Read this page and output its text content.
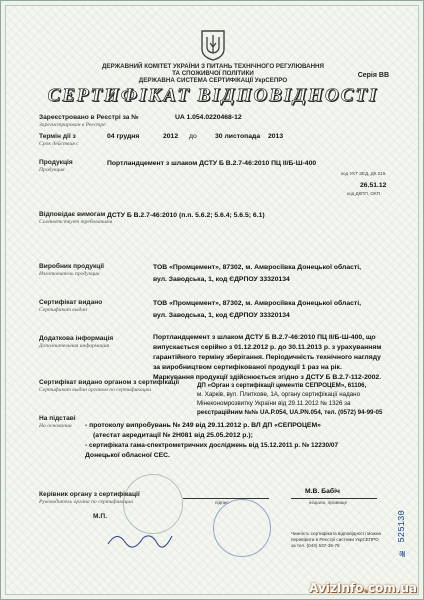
ДЕРЖАВНИЙ КОМІТЕТ УКРАЇНИ З ПИТАНЬ ТЕХНІЧНОГО РЕГУЛЮВАННЯ
ТА СПОЖИВЧОЇ ПОЛІТИКИ
ДЕРЖАВНА СИСТЕМА СЕРТИФІКАЦІЇ УкрСЕПРО
Серія ВВ
СЕРТИФІКАТ ВІДПОВІДНОСТІ
Зареєстровано в Реєстрі за №
Зарегистрирован в Реестре
UA 1.054.0220468-12
Термін дії з
Срок действия с
04 грудня	2012 до	30 листопада 2013
Продукція
Продукция
Портландцемент з шлаком ДСТУ Б В.2.7-46:2010 ПЦ ІІ/Б-Ш-400
код УКТ ЗЕД, ДК 016
26.51.12
код ДКПП, ОКП
Відповідає вимогам
Соответствует требованиям
ДСТУ Б В.2.7-46:2010 (п.п. 5.6.2; 5.6.4; 5.6.5; 6.1)
Виробник продукції
Изготовитель продукции
ТОВ «Промцемент», 87302, м. Амвросіївка Донецької області,
вул. Заводська, 1, код ЄДРПОУ 33320134
Сертифікат видано
Сертификат выдан
ТОВ «Промцемент», 87302, м. Амвросіївка Донецької області,
вул. Заводська, 1, код ЄДРПОУ 33320134
Додаткова інформація
Дополнительная информация
Портландцемент з шлаком ДСТУ Б В.2.7-46:2010 ПЦ ІІ/Б-Ш-400, що
випускається серійно з 01.12.2012 р. до 30.11.2013 р. з урахуванням
гарантійного терміну зберігання. Періодичність технічного нагляду
за виробництвом сертифікованої продукції 1 раз на рік.
Маркування продукції здійснюється згідно з ДСТУ Б В.2.7-112-2002.
Сертифікат видано органом з сертифікації
Сертификат выдан органом по сертификации
ДП «Орган з сертифікації цементів СЕПРОЦЕМ», 61106,
м. Харків, вул. Плиткове, 1А, органу сертифікації надано
Мінекономрозвитку України від 29.11.2012 № 1326 за
реєстраційним №№ UA.P.054, UA.PN.054, тел. (0572) 94-99-05
На підставі
На основании - протоколу випробувань № 249 від 29.11.2012 р. ВЛ ДП «СЕПРОЦЕМ»
(атестат акредитації № 2Н081 від 25.05.2012 р.);
- сертифіката гама-спектрометричних досліджень від 15.12.2011 р. № 12230/07
Донецької обласної СЕС.
Керівник органу з сертифікації
Руководитель органа по сертификации	підпис
М.В. Бабіч
ініціали, прізвище
М.П.
Чинність сертифіката відповідності можна
перевірити в Реєстрі системи УкрСЕПРО
за тел. (044) 537-35-76	№ 525130
AvizInfo.com.ua
